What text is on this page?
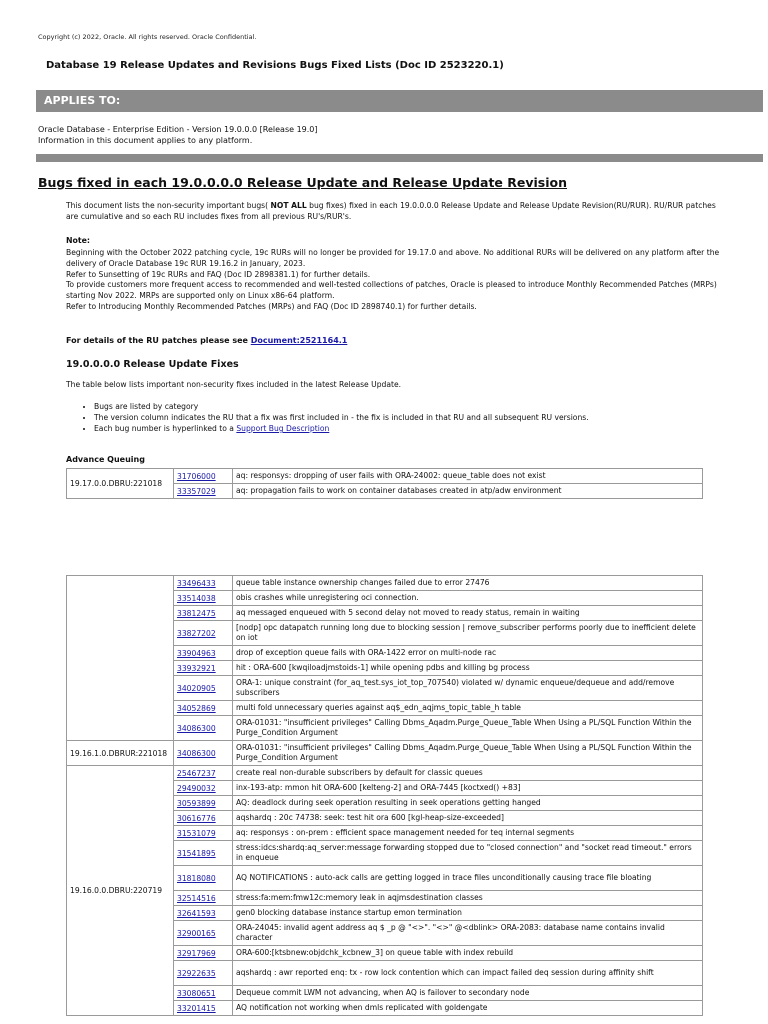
Copyright (c) 2022, Oracle. All rights reserved. Oracle Confidential.
Database 19 Release Updates and Revisions Bugs Fixed Lists (Doc ID 2523220.1)
APPLIES TO:
Oracle Database - Enterprise Edition - Version 19.0.0.0 [Release 19.0]
Information in this document applies to any platform.
Bugs fixed in each 19.0.0.0.0 Release Update and Release Update Revision
This document lists the non-security important bugs( NOT ALL bug fixes) fixed in each 19.0.0.0.0 Release Update and Release Update Revision(RU/RUR). RU/RUR patches are cumulative and so each RU includes fixes from all previous RU's/RUR's.
Note:
Beginning with the October 2022 patching cycle, 19c RURs will no longer be provided for 19.17.0 and above. No additional RURs will be delivered on any platform after the delivery of Oracle Database 19c RUR 19.16.2 in January, 2023.
Refer to Sunsetting of 19c RURs and FAQ (Doc ID 2898381.1) for further details.
To provide customers more frequent access to recommended and well-tested collections of patches, Oracle is pleased to introduce Monthly Recommended Patches (MRPs) starting Nov 2022. MRPs are supported only on Linux x86-64 platform.
Refer to Introducing Monthly Recommended Patches (MRPs) and FAQ (Doc ID 2898740.1) for further details.
For details of the RU patches please see Document:2521164.1
19.0.0.0.0 Release Update Fixes
The table below lists important non-security fixes included in the latest Release Update.
• Bugs are listed by category
• The version column indicates the RU that a fix was first included in - the fix is included in that RU and all subsequent RU versions.
• Each bug number is hyperlinked to a Support Bug Description
Advance Queuing
19.17.0.0.DBRU:221018	31706000	aq: responsys: dropping of user fails with ORA-24002: queue_table does not exist
	33357029	aq: propagation fails to work on container databases created in atp/adw environment
	33496433	queue table instance ownership changes failed due to error 27476
	33514038	obis crashes while unregistering oci connection.
	33812475	aq messaged enqueued with 5 second delay not moved to ready status, remain in waiting
	33827202	[nodp] opc datapatch running long due to blocking session | remove_subscriber performs poorly due to inefficient delete on iot
	33904963	drop of exception queue fails with ORA-1422 error on multi-node rac
	33932921	hit : ORA-600 [kwqiloadjmstoids-1] while opening pdbs and killing bg process
	34020905	ORA-1: unique constraint (for_aq_test.sys_iot_top_707540) violated w/ dynamic enqueue/dequeue and add/remove subscribers
	34052869	multi fold unnecessary queries against aq$_edn_aqjms_topic_table_h table
	34086300	ORA-01031: "insufficient privileges" Calling Dbms_Aqadm.Purge_Queue_Table When Using a PL/SQL Function Within the Purge_Condition Argument
19.16.1.0.DBRUR:221018	34086300	ORA-01031: "insufficient privileges" Calling Dbms_Aqadm.Purge_Queue_Table When Using a PL/SQL Function Within the Purge_Condition Argument
19.16.0.0.DBRU:220719	25467237	create real non-durable subscribers by default for classic queues
	29490032	inx-193-atp: mmon hit ORA-600 [kelteng-2] and ORA-7445 [koctxed() +83]
	30593899	AQ: deadlock during seek operation resulting in seek operations getting hanged
	30616776	aqshardq : 20c 74738: seek: test hit ora 600 [kgl-heap-size-exceeded]
	31531079	aq: responsys : on-prem : efficient space management needed for teq internal segments
	31541895	stress:idcs:shardq:aq_server:message forwarding stopped due to "closed connection" and "socket read timeout." errors in enqueue
	31818080	AQ NOTIFICATIONS : auto-ack calls are getting logged in trace files unconditionally causing trace file bloating
	32514516	stress:fa:mem:fmw12c:memory leak in aqjmsdestination classes
	32641593	gen0 blocking database instance startup emon termination
	32900165	ORA-24045: invalid agent address aq $ _p @ "<>". "<>" @<dblink> ORA-2083: database name contains invalid character
	32917969	ORA-600:[ktsbnew:objdchk_kcbnew_3] on queue table with index rebuild
	32922635	aqshardq : awr reported enq: tx - row lock contention which can impact failed deq session during affinity shift
	33080651	Dequeue commit LWM not advancing, when AQ is failover to secondary node
	33201415	AQ notification not working when dmls replicated with goldengate
